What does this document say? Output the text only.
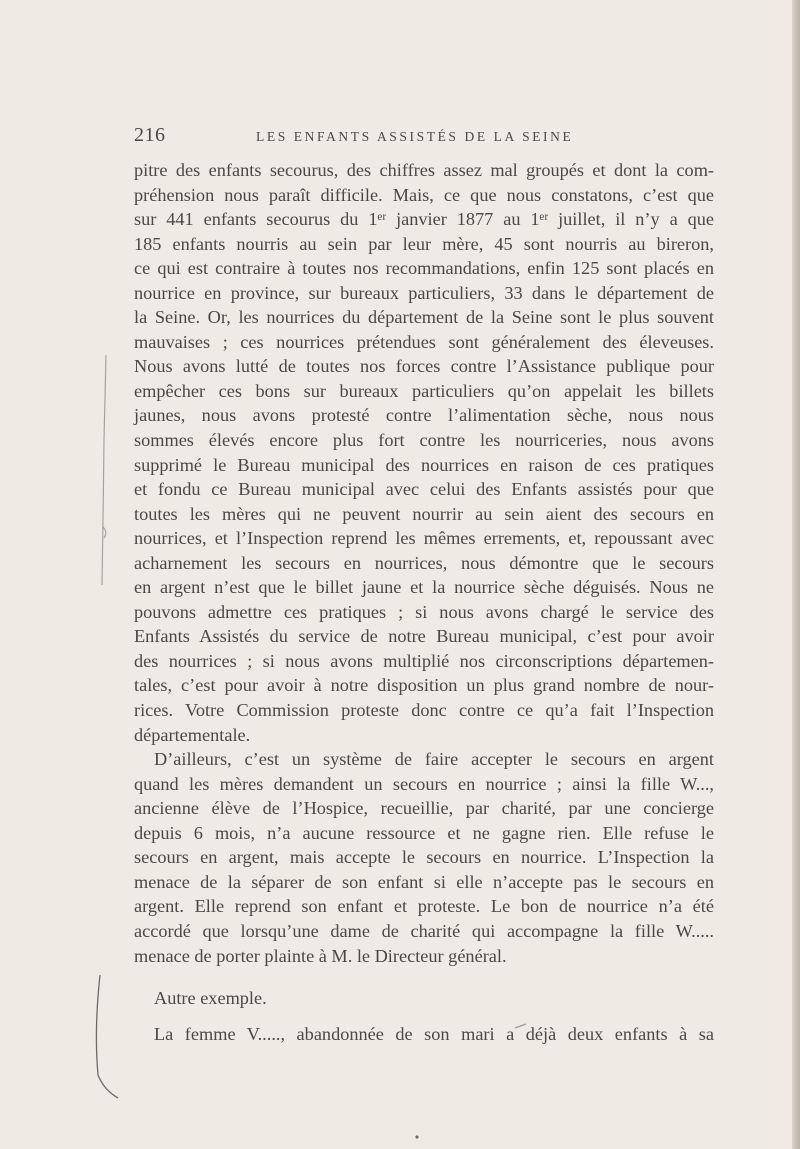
216	LES ENFANTS ASSISTÉS DE LA SEINE
pitre des enfants secourus, des chiffres assez mal groupés et dont la com-
préhension nous paraît difficile. Mais, ce que nous constatons, c’est que
sur 441 enfants secourus du 1ᵉʳ janvier 1877 au 1ᵉʳ juillet, il n’y a que
185 enfants nourris au sein par leur mère, 45 sont nourris au bireron,
ce qui est contraire à toutes nos recommandations, enfin 125 sont placés en
nourrice en province, sur bureaux particuliers, 33 dans le département de
la Seine. Or, les nourrices du département de la Seine sont le plus souvent
mauvaises ; ces nourrices prétendues sont généralement des éleveuses.
Nous avons lutté de toutes nos forces contre l’Assistance publique pour
empêcher ces bons sur bureaux particuliers qu’on appelait les billets
jaunes, nous avons protesté contre l’alimentation sèche, nous nous
sommes élevés encore plus fort contre les nourriceries, nous avons
supprimé le Bureau municipal des nourrices en raison de ces pratiques
et fondu ce Bureau municipal avec celui des Enfants assistés pour que
toutes les mères qui ne peuvent nourrir au sein aient des secours en
nourrices, et l’Inspection reprend les mêmes errements, et, repoussant avec
acharnement les secours en nourrices, nous démontre que le secours
en argent n’est que le billet jaune et la nourrice sèche déguisés. Nous ne
pouvons admettre ces pratiques ; si nous avons chargé le service des
Enfants Assistés du service de notre Bureau municipal, c’est pour avoir
des nourrices ; si nous avons multiplié nos circonscriptions départemen-
tales, c’est pour avoir à notre disposition un plus grand nombre de nour-
rices. Votre Commission proteste donc contre ce qu’a fait l’Inspection
départementale.
D’ailleurs, c’est un système de faire accepter le secours en argent
quand les mères demandent un secours en nourrice ; ainsi la fille W...,
ancienne élève de l’Hospice, recueillie, par charité, par une concierge
depuis 6 mois, n’a aucune ressource et ne gagne rien. Elle refuse le
secours en argent, mais accepte le secours en nourrice. L’Inspection la
menace de la séparer de son enfant si elle n’accepte pas le secours en
argent. Elle reprend son enfant et proteste. Le bon de nourrice n’a été
accordé que lorsqu’une dame de charité qui accompagne la fille W.....
menace de porter plainte à M. le Directeur général.
Autre exemple.
La femme V....., abandonnée de son mari a déjà deux enfants à sa
